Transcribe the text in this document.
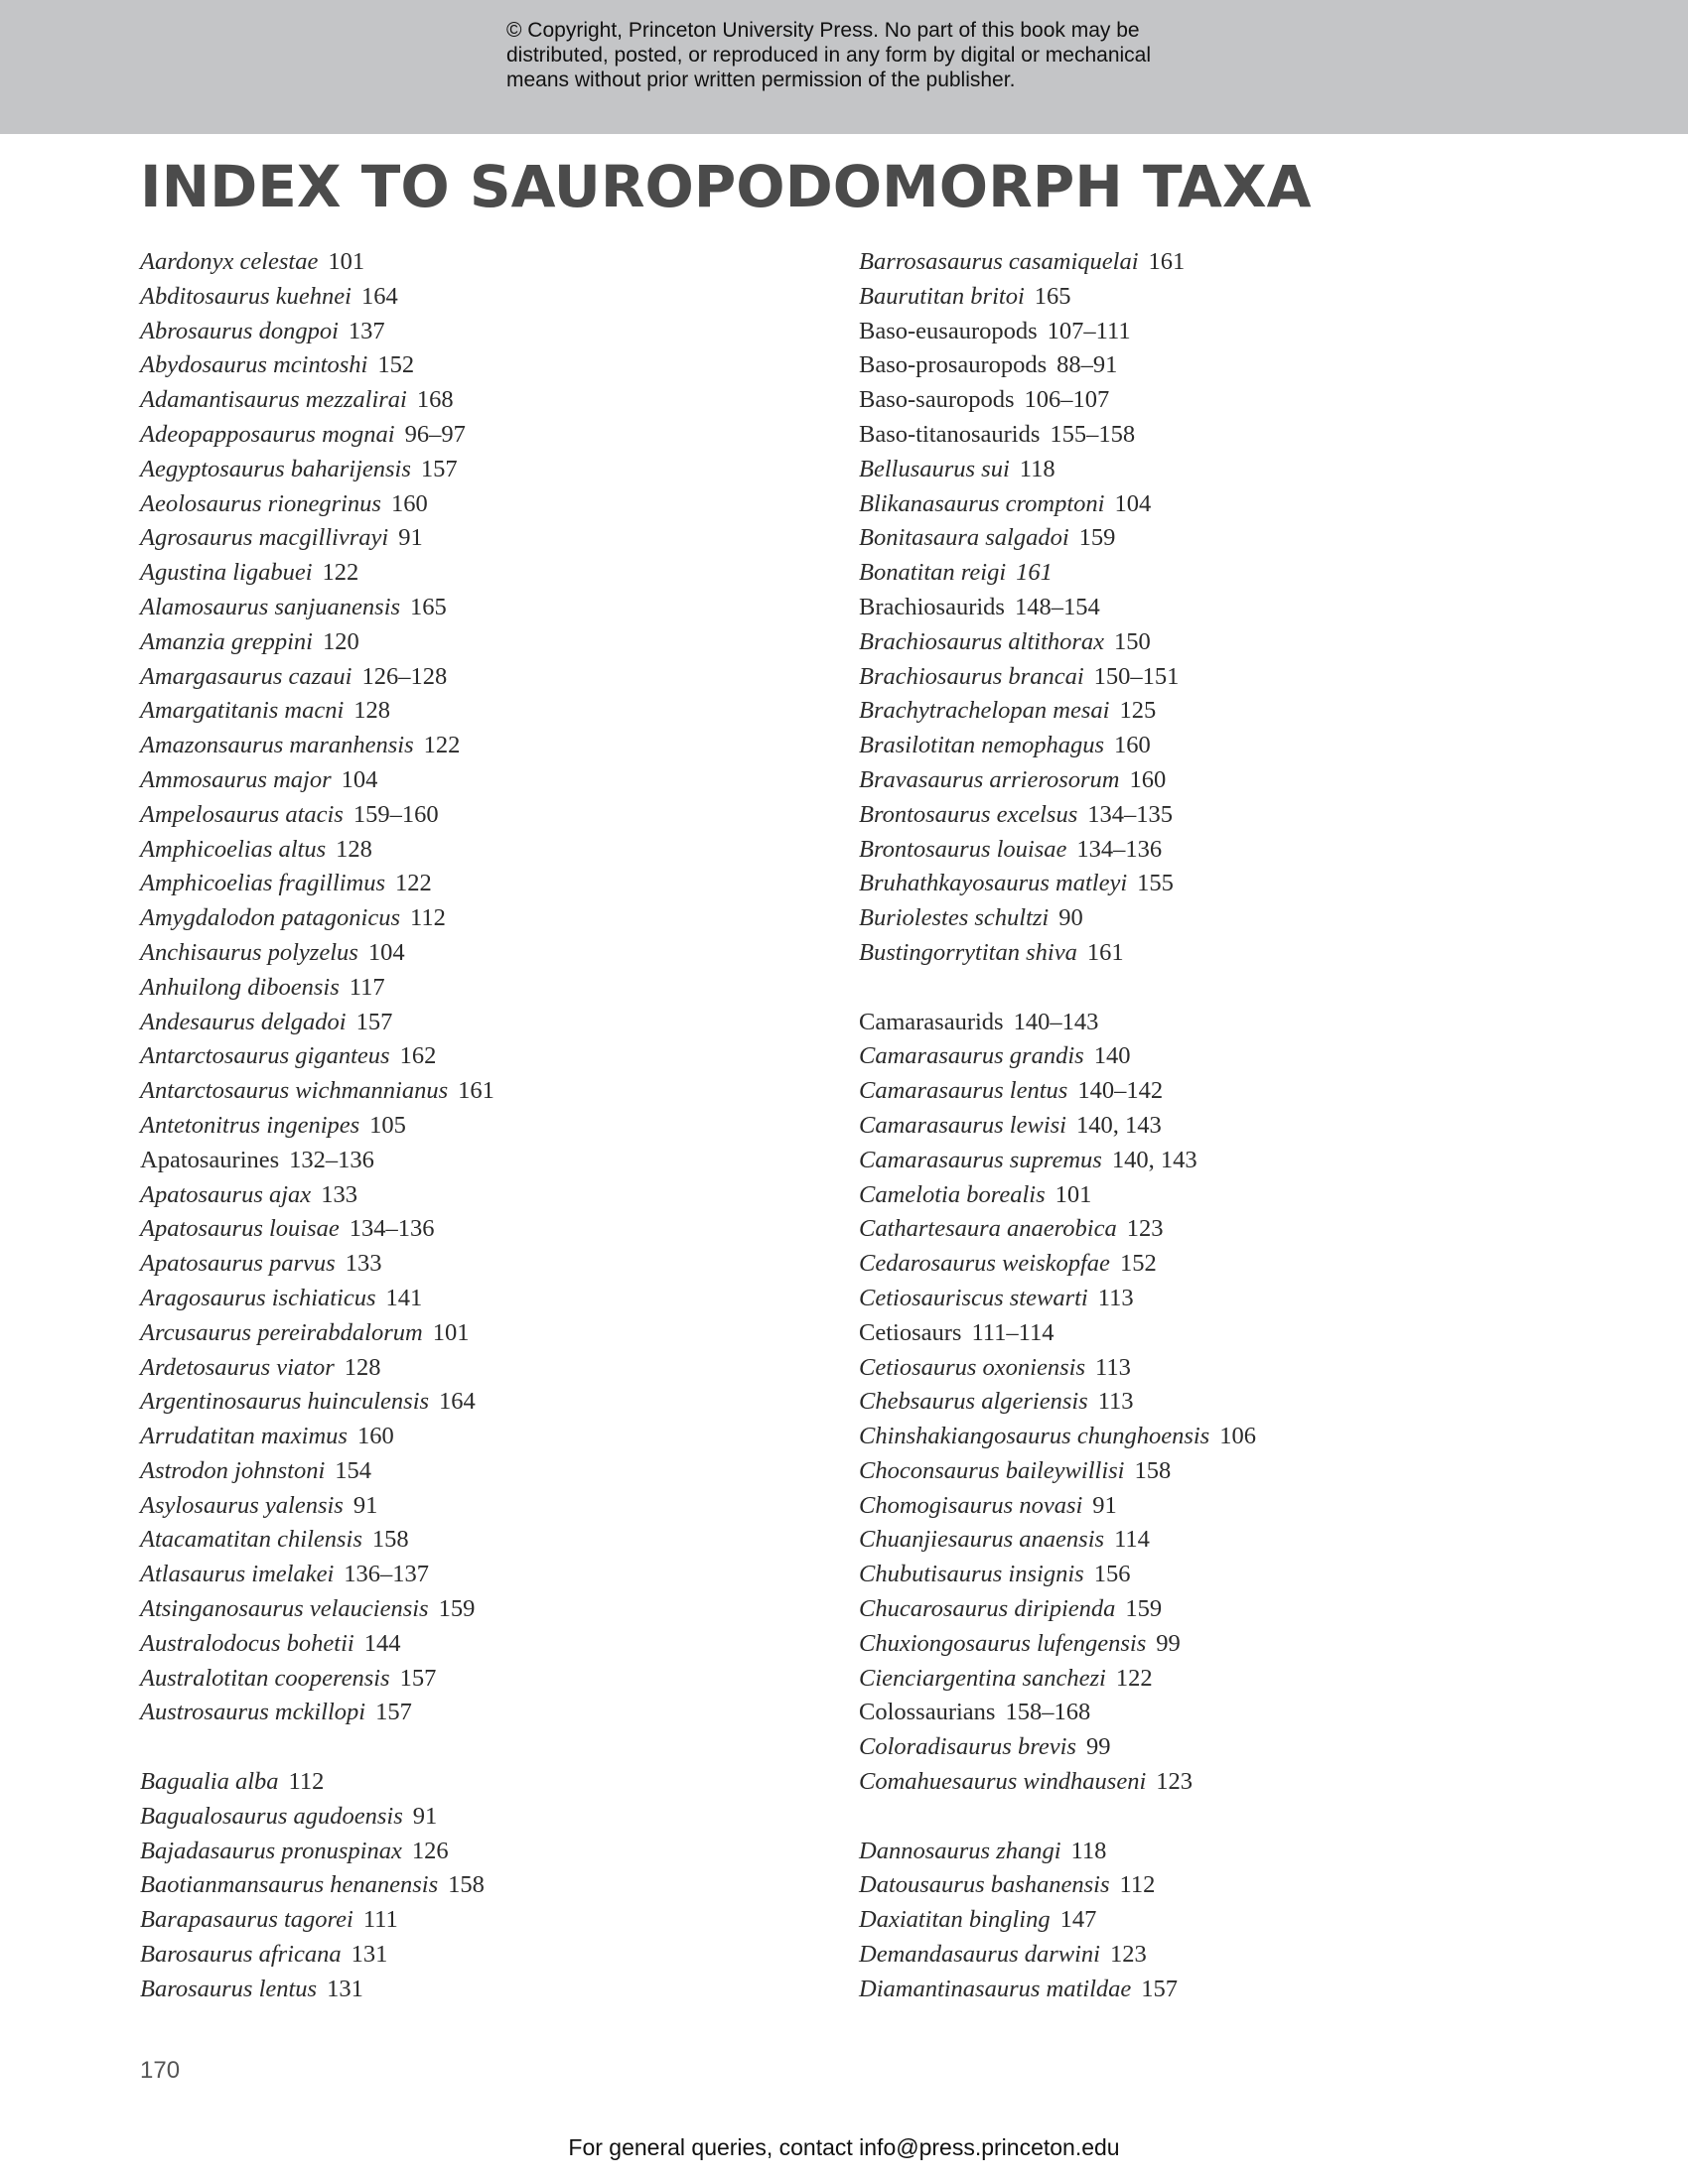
© Copyright, Princeton University Press. No part of this book may be
distributed, posted, or reproduced in any form by digital or mechanical
means without prior written permission of the publisher.
INDEX TO SAUROPODOMORPH TAXA
Aardonyx celestae 101
Abditosaurus kuehnei 164
Abrosaurus dongpoi 137
Abydosaurus mcintoshi 152
Adamantisaurus mezzalirai 168
Adeopapposaurus mognai 96–97
Aegyptosaurus baharijensis 157
Aeolosaurus rionegrinus 160
Agrosaurus macgillivrayi 91
Agustina ligabuei 122
Alamosaurus sanjuanensis 165
Amanzia greppini 120
Amargasaurus cazaui 126–128
Amargatitanis macni 128
Amazonsaurus maranhensis 122
Ammosaurus major 104
Ampelosaurus atacis 159–160
Amphicoelias altus 128
Amphicoelias fragillimus 122
Amygdalodon patagonicus 112
Anchisaurus polyzelus 104
Anhuilong diboensis 117
Andesaurus delgadoi 157
Antarctosaurus giganteus 162
Antarctosaurus wichmannianus 161
Antetonitrus ingenipes 105
Apatosaurines 132–136
Apatosaurus ajax 133
Apatosaurus louisae 134–136
Apatosaurus parvus 133
Aragosaurus ischiaticus 141
Arcusaurus pereirabdalorum 101
Ardetosaurus viator 128
Argentinosaurus huinculensis 164
Arrudatitan maximus 160
Astrodon johnstoni 154
Asylosaurus yalensis 91
Atacamatitan chilensis 158
Atlasaurus imelakei 136–137
Atsinganosaurus velauciensis 159
Australodocus bohetii 144
Australotitan cooperensis 157
Austrosaurus mckillopi 157
Bagualia alba 112
Bagualosaurus agudoensis 91
Bajadasaurus pronuspinax 126
Baotianmansaurus henanensis 158
Barapasaurus tagorei 111
Barosaurus africana 131
Barosaurus lentus 131
Barrosasaurus casamiquelai 161
Baurutitan britoi 165
Baso-eusauropods 107–111
Baso-prosauropods 88–91
Baso-sauropods 106–107
Baso-titanosaurids 155–158
Bellusaurus sui 118
Blikanasaurus cromptoni 104
Bonitasaura salgadoi 159
Bonatitan reigi 161
Brachiosaurids 148–154
Brachiosaurus altithorax 150
Brachiosaurus brancai 150–151
Brachytrachelopan mesai 125
Brasilotitan nemophagus 160
Bravasaurus arrierosorum 160
Brontosaurus excelsus 134–135
Brontosaurus louisae 134–136
Bruhathkayosaurus matleyi 155
Buriolestes schultzi 90
Bustingorrytitan shiva 161
Camarasaurids 140–143
Camarasaurus grandis 140
Camarasaurus lentus 140–142
Camarasaurus lewisi 140, 143
Camarasaurus supremus 140, 143
Camelotia borealis 101
Cathartesaura anaerobica 123
Cedarosaurus weiskopfae 152
Cetiosauriscus stewarti 113
Cetiosaurs 111–114
Cetiosaurus oxoniensis 113
Chebsaurus algeriensis 113
Chinshakiangosaurus chunghoensis 106
Choconsaurus baileywillisi 158
Chomogisaurus novasi 91
Chuanjiesaurus anaensis 114
Chubutisaurus insignis 156
Chucarosaurus diripienda 159
Chuxiongosaurus lufengensis 99
Cienciargentina sanchezi 122
Colossaurians 158–168
Coloradisaurus brevis 99
Comahuesaurus windhauseni 123
Dannosaurus zhangi 118
Datousaurus bashanensis 112
Daxiatitan bingling 147
Demandasaurus darwini 123
Diamantinasaurus matildae 157
170
For general queries, contact info@press.princeton.edu
